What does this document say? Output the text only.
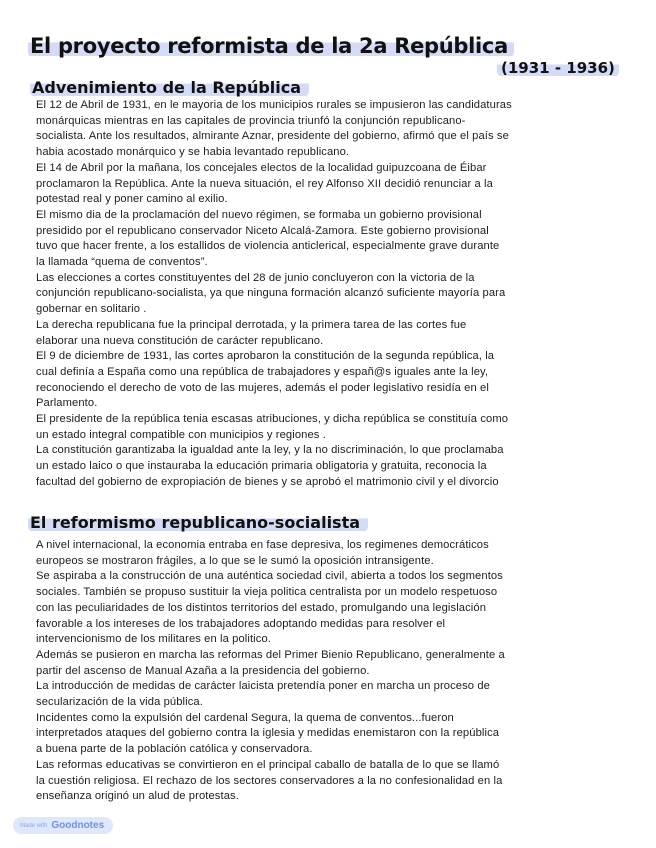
El proyecto reformista de la 2a República
(1931 - 1936)
Advenimiento de la República
El 12 de Abril de 1931, en le mayoria de los municipios rurales se impusieron las candidaturas
monárquicas mientras en las capitales de provincia triunfó la conjunción republicano-
socialista. Ante los resultados, almirante Aznar, presidente del gobierno, afirmó que el país se
habia acostado monárquico y se habia levantado republicano.
El 14 de Abril por la mañana, los concejales electos de la localidad guipuzcoana de Éibar
proclamaron la República. Ante la nueva situación, el rey Alfonso XII decidió renunciar a la
potestad real y poner camino al exilio.
El mismo dia de la proclamación del nuevo régimen, se formaba un gobierno provisional
presidido por el republicano conservador Niceto Alcalá-Zamora. Este gobierno provisional
tuvo que hacer frente, a los estallidos de violencia anticlerical, especialmente grave durante
la llamada “quema de conventos”.
Las elecciones a cortes constituyentes del 28 de junio concluyeron con la victoria de la
conjunción republicano-socialista, ya que ninguna formación alcanzó suficiente mayoría para
gobernar en solitario .
La derecha republicana fue la principal derrotada, y la primera tarea de las cortes fue
elaborar una nueva constitución de carácter republicano.
El 9 de diciembre de 1931, las cortes aprobaron la constitución de la segunda república, la
cual definía a España como una república de trabajadores y españ@s iguales ante la ley,
reconociendo el derecho de voto de las mujeres, además el poder legislativo residía en el
Parlamento.
El presidente de la república tenia escasas atribuciones, y dicha república se constituía como
un estado integral compatible con municipios y regiones .
La constitución garantizaba la igualdad ante la ley, y la no discriminación, lo que proclamaba
un estado laico o que instauraba la educación primaria obligatoria y gratuita, reconocia la
facultad del gobierno de expropiación de bienes y se aprobó el matrimonio civil y el divorcio
El reformismo republicano-socialista
A nivel internacional, la economia entraba en fase depresiva, los regimenes democráticos
europeos se mostraron frágiles, a lo que se le sumó la oposición intransigente.
Se aspiraba a la construcción de una auténtica sociedad civil, abierta a todos los segmentos
sociales. También se propuso sustituir la vieja politica centralista por un modelo respetuoso
con las peculiaridades de los distintos territorios del estado, promulgando una legislación
favorable a los intereses de los trabajadores adoptando medidas para resolver el
intervencionismo de los militares en la politico.
Además se pusieron en marcha las reformas del Primer Bienio Republicano, generalmente a
partir del ascenso de Manual Azaña a la presidencia del gobierno.
La introducción de medidas de carácter laicista pretendía poner en marcha un proceso de
secularización de la vida pública.
Incidentes como la expulsión del cardenal Segura, la quema de conventos...fueron
interpretados ataques del gobierno contra la iglesia y medidas enemistaron con la república
a buena parte de la población católica y conservadora.
Las reformas educativas se convirtieron en el principal caballo de batalla de lo que se llamó
la cuestión religiosa. El rechazo de los sectores conservadores a la no confesionalidad en la
enseñanza originó un alud de protestas.
Made with Goodnotes
